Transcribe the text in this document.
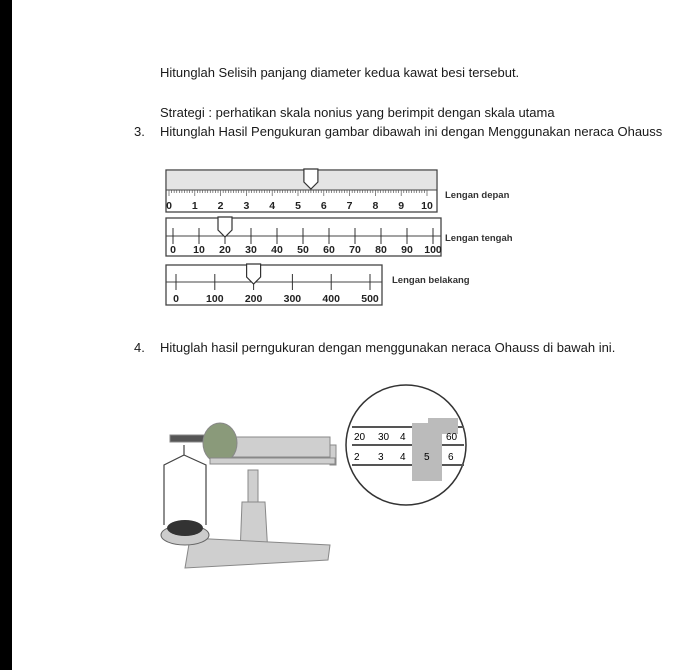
Hitunglah Selisih panjang diameter kedua kawat besi tersebut.
Strategi : perhatikan skala nonius yang berimpit dengan skala utama
3. Hitunglah Hasil Pengukuran gambar dibawah ini dengan Menggunakan neraca Ohauss
0 1 2 3 4 5 6 7 8 9 10
0 10 20 30 40 50 60 70 80 90 100
0	100 200 300 400 500
Lengan depan
Lengan tengah
Lengan belakang
4. Hituglah hasil perngukuran dengan menggunakan neraca Ohauss di bawah ini.
20 30 4	60
2 3 4 5 6
